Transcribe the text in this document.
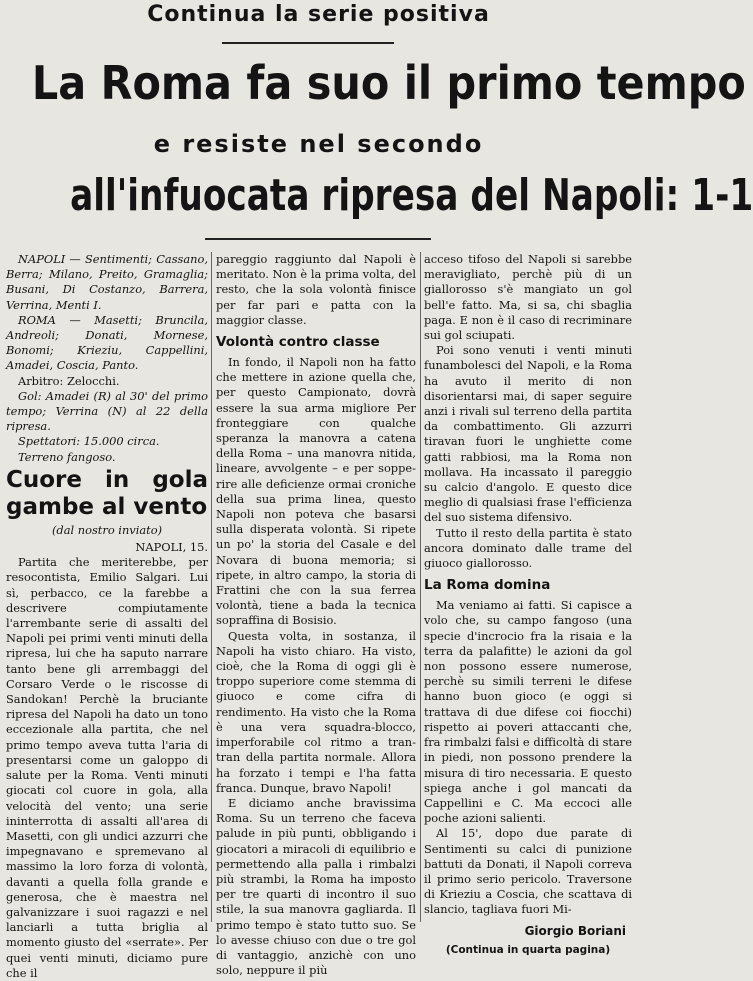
Continua la serie positiva
La Roma fa suo il primo tempo
e resiste nel secondo
all'infuocata ripresa del Napoli: 1-1

NAPOLI — Sentimenti; Cassano, Berra; Milano, Preito, Gramaglia; Busani, Di Costanzo, Barrera, Verrina, Menti I.

ROMA — Masetti; Bruncila, Andreoli; Donati, Mornese, Bonomi; Krieziu, Cappellini, Amadei, Coscia, Panto.

Arbitro: Zelocchi.

Gol: Amadei (R) al 30' del primo tempo; Verrina (N) al 22 della ripresa.

Spettatori: 15.000 circa.

Terreno fangoso.

Cuore in gola gambe al vento
(dal nostro inviato)

NAPOLI, 15.

Partita che meriterebbe, per resocontista, Emilio Salgari. Lui sì, perbacco, ce la farebbe a descrivere compiutamente l'arrembante serie di assalti del Napoli pei primi venti minuti della ripresa, lui che ha saputo narrare tanto bene gli arrembaggi del Corsaro Verde o le riscosse di Sandokan! Perchè la bruciante ripresa del Napoli ha dato un tono eccezionale alla partita, che nel primo tempo aveva tutta l'aria di presentarsi come un galoppo di salute per la Roma. Venti minuti giocati col cuore in gola, alla velocità del vento; una serie ininterrotta di assalti all'area di Masetti, con gli undici azzurri che impegnavano e spremevano al massimo la loro forza di volontà, davanti a quella folla grande e generosa, che è maestra nel galvanizzare i suoi ragazzi e nel lanciarli a tutta briglia al momento giusto del «serrate». Per quei venti minuti, diciamo pure che il

pareggio raggiunto dal Napoli è meritato. Non è la prima volta, del resto, che la sola volontà finisce per far pari e patta con la maggior classe.

Volontà contro classe

In fondo, il Napoli non ha fatto che mettere in azione quella che, per questo Campionato, dovrà essere la sua arma migliore Per fronteggiare con qualche speranza la manovra a catena della Roma – una manovra nitida, lineare, avvolgente – e per sopperire alle deficienze ormai croniche della sua prima linea, questo Napoli non poteva che basarsi sulla disperata volontà. Si ripete un po' la storia del Casale e del Novara di buona memoria; si ripete, in altro campo, la storia di Frattini che con la sua ferrea volontà, tiene a bada la tecnica sopraffina di Bosisio.

Questa volta, in sostanza, il Napoli ha visto chiaro. Ha visto, cioè, che la Roma di oggi gli è troppo superiore come stemma di giuoco e come cifra di rendimento. Ha visto che la Roma è una vera squadra-blocco, imperforabile col ritmo a tran-tran della partita normale. Allora ha forzato i tempi e l'ha fatta franca. Dunque, bravo Napoli!

E diciamo anche bravissima Roma. Su un terreno che faceva palude in più punti, obbligando i giocatori a miracoli di equilibrio e permettendo alla palla i rimbalzi più strambi, la Roma ha imposto per tre quarti di incontro il suo stile, la sua manovra gagliarda. Il primo tempo è stato tutto suo. Se lo avesse chiuso con due o tre gol di vantaggio, anzichè con uno solo, neppure il più

acceso tifoso del Napoli si sarebbe meravigliato, perchè più di un giallorosso s'è mangiato un gol bell'e fatto. Ma, si sa, chi sbaglia paga. E non è il caso di recriminare sui gol sciupati.

Poi sono venuti i venti minuti funambolesci del Napoli, e la Roma ha avuto il merito di non disorientarsi mai, di saper seguire anzi i rivali sul terreno della partita da combattimento. Gli azzurri tiravan fuori le unghiette come gatti rabbiosi, ma la Roma non mollava. Ha incassato il pareggio su calcio d'angolo. E questo dice meglio di qualsiasi frase l'efficienza del suo sistema difensivo.

Tutto il resto della partita è stato ancora dominato dalle trame del giuoco giallorosso.

La Roma domina

Ma veniamo ai fatti. Si capisce a volo che, su campo fangoso (una specie d'incrocio fra la risaia e la terra da palafitte) le azioni da gol non possono essere numerose, perchè su simili terreni le difese hanno buon gioco (e oggi si trattava di due difese coi fiocchi) rispetto ai poveri attaccanti che, fra rimbalzi falsi e difficoltà di stare in piedi, non possono prendere la misura di tiro necessaria. E questo spiega anche i gol mancati da Cappellini e C. Ma eccoci alle poche azioni salienti.

Al 15', dopo due parate di Sentimenti su calci di punizione battuti da Donati, il Napoli correva il primo serio pericolo. Traversone di Krieziu a Coscia, che scattava di slancio, tagliava fuori Mi-

Giorgio Boriani
(Continua in quarta pagina)
